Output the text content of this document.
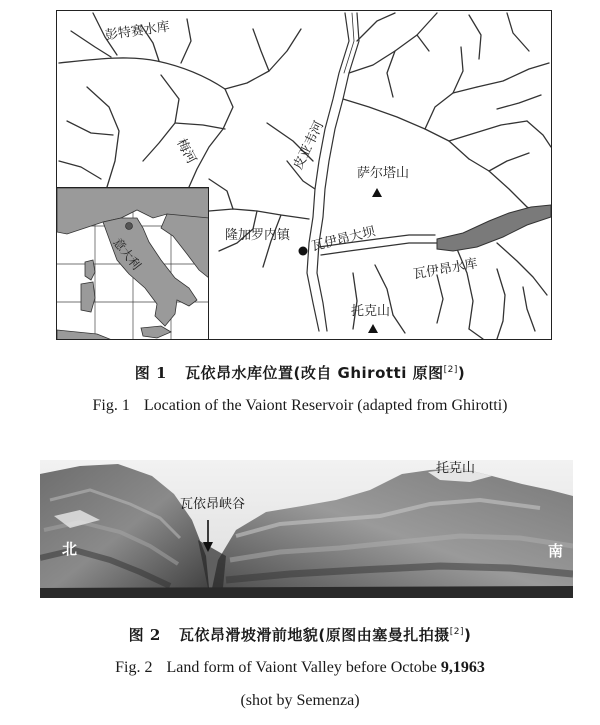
彭特赛水库
梅河	皮亚韦河
萨尔塔山
隆加罗内镇 瓦伊昂大坝
瓦伊昂水库
托克山
意大利
图 1 瓦依昂水库位置(改自 Ghirotti 原图[2])
Fig. 1 Location of the Vaiont Reservoir (adapted from Ghirotti)
瓦依昂峡谷
托克山
北	南
图 2 瓦依昂滑坡滑前地貌(原图由塞曼扎拍摄[2])
Fig. 2 Land form of Vaiont Valley before Octobe 9,1963
(shot by Semenza)
